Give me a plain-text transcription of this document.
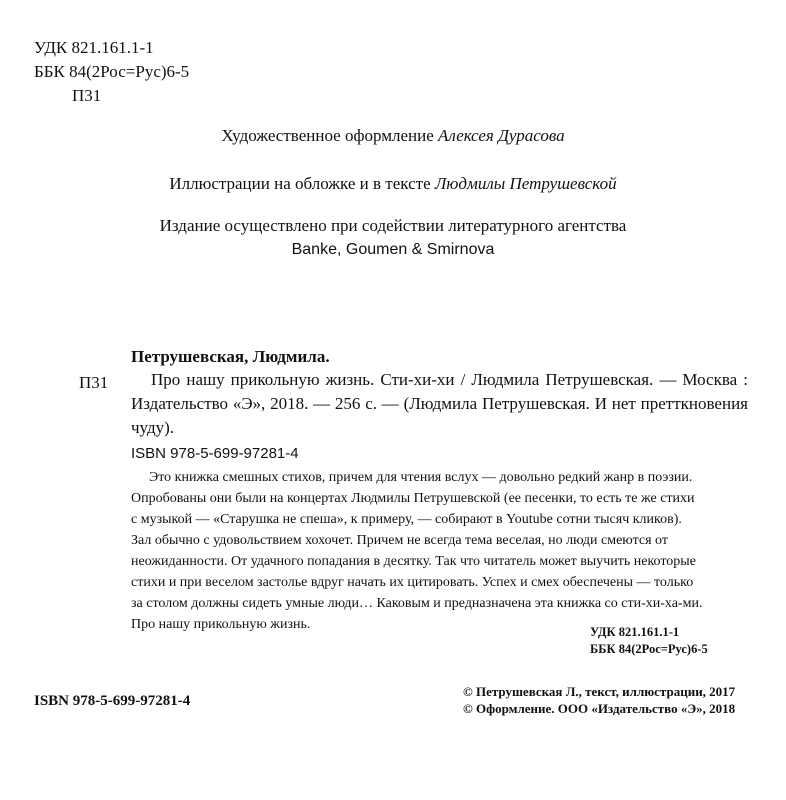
УДК 821.161.1-1
ББК 84(2Рос=Рус)6-5
П31
Художественное оформление Алексея Дурасова
Иллюстрации на обложке и в тексте Людмилы Петрушевской
Издание осуществлено при содействии литературного агентства
Banke, Goumen & Smirnova
Петрушевская, Людмила.
П31	Про нашу прикольную жизнь. Сти-хи-хи / Людмила Петрушевская. — Москва : Издательство «Э», 2018. — 256 с. — (Людмила Петрушевская. И нет претткновения чуду).
ISBN 978-5-699-97281-4
Это книжка смешных стихов, причем для чтения вслух — довольно редкий жанр в поэзии.
Опробованы они были на концертах Людмилы Петрушевской (ее песенки, то есть те же стихи
с музыкой — «Старушка не спеша», к примеру, — собирают в Youtube сотни тысяч кликов).
Зал обычно с удовольствием хохочет. Причем не всегда тема веселая, но люди смеются от
неожиданности. От удачного попадания в десятку. Так что читатель может выучить некоторые
стихи и при веселом застолье вдруг начать их цитировать. Успех и смех обеспечены — только
за столом должны сидеть умные люди… Каковым и предназначена эта книжка со сти-хи-ха-ми.
Про нашу прикольную жизнь.	УДК 821.161.1-1
ББК 84(2Рос=Рус)6-5
ISBN 978-5-699-97281-4
© Петрушевская Л., текст, иллюстрации, 2017
© Оформление. ООО «Издательство «Э», 2018
